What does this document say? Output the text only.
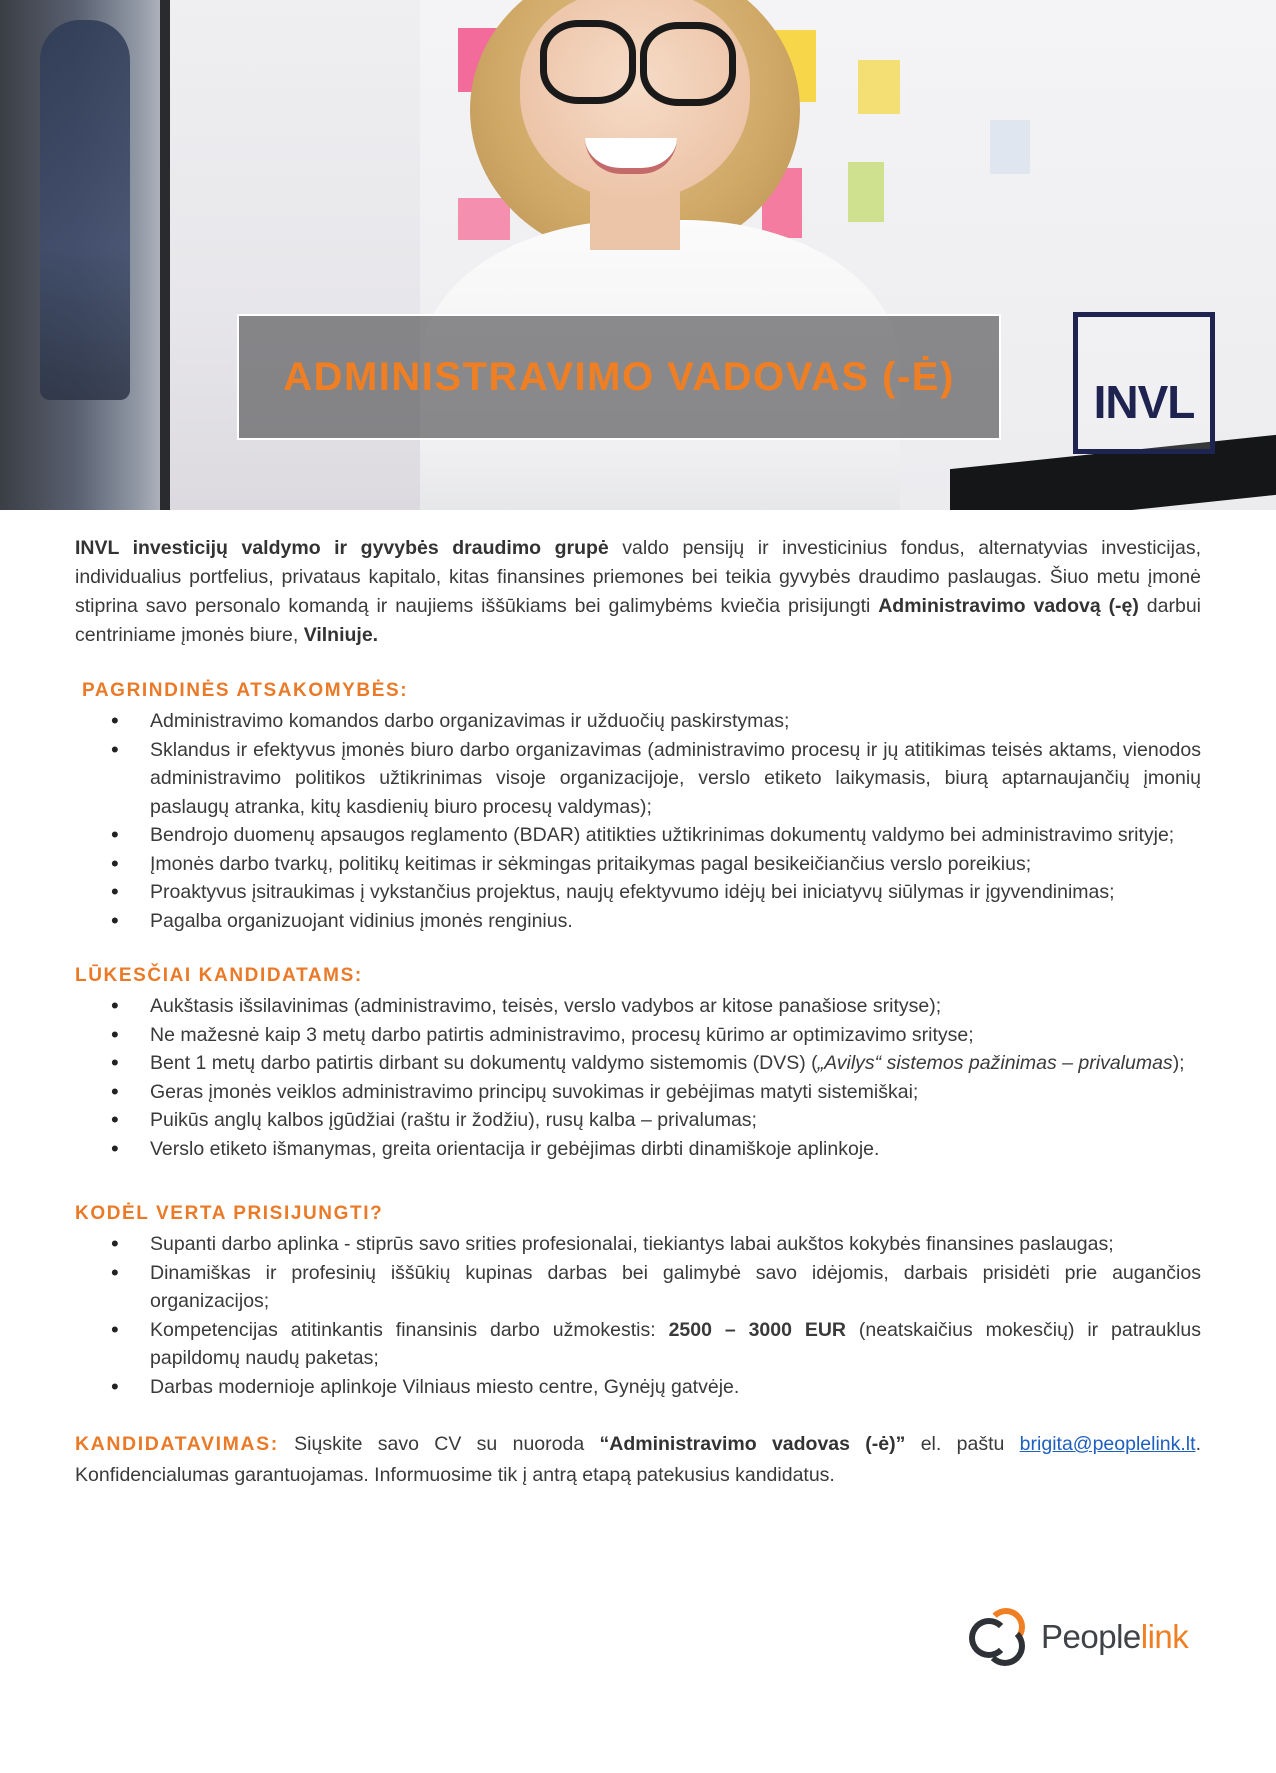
ADMINISTRAVIMO VADOVAS (-Ė)	INVL

INVL investicijų valdymo ir gyvybės draudimo grupė valdo pensijų ir investicinius fondus, alternatyvias investicijas, individualius portfelius, privataus kapitalo, kitas finansines priemones bei teikia gyvybės draudimo paslaugas. Šiuo metu įmonė stiprina savo personalo komandą ir naujiems iššūkiams bei galimybėms kviečia prisijungti Administravimo vadovą (-ę) darbui centriniame įmonės biure, Vilniuje.

PAGRINDINĖS ATSAKOMYBĖS:
• Administravimo komandos darbo organizavimas ir užduočių paskirstymas;
• Sklandus ir efektyvus įmonės biuro darbo organizavimas (administravimo procesų ir jų atitikimas teisės aktams, vienodos administravimo politikos užtikrinimas visoje organizacijoje, verslo etiketo laikymasis, biurą aptarnaujančių įmonių paslaugų atranka, kitų kasdienių biuro procesų valdymas);
• Bendrojo duomenų apsaugos reglamento (BDAR) atitikties užtikrinimas dokumentų valdymo bei administravimo srityje;
• Įmonės darbo tvarkų, politikų keitimas ir sėkmingas pritaikymas pagal besikeičiančius verslo poreikius;
• Proaktyvus įsitraukimas į vykstančius projektus, naujų efektyvumo idėjų bei iniciatyvų siūlymas ir įgyvendinimas;
• Pagalba organizuojant vidinius įmonės renginius.
LŪKESČIAI KANDIDATAMS:
• Aukštasis išsilavinimas (administravimo, teisės, verslo vadybos ar kitose panašiose srityse);
• Ne mažesnė kaip 3 metų darbo patirtis administravimo, procesų kūrimo ar optimizavimo srityse;
• Bent 1 metų darbo patirtis dirbant su dokumentų valdymo sistemomis (DVS) („Avilys“ sistemos pažinimas – privalumas);
• Geras įmonės veiklos administravimo principų suvokimas ir gebėjimas matyti sistemiškai;
• Puikūs anglų kalbos įgūdžiai (raštu ir žodžiu), rusų kalba – privalumas;
• Verslo etiketo išmanymas, greita orientacija ir gebėjimas dirbti dinamiškoje aplinkoje.
KODĖL VERTA PRISIJUNGTI?
• Supanti darbo aplinka - stiprūs savo srities profesionalai, tiekiantys labai aukštos kokybės finansines paslaugas;
• Dinamiškas ir profesinių iššūkių kupinas darbas bei galimybė savo idėjomis, darbais prisidėti prie augančios organizacijos;
• Kompetencijas atitinkantis finansinis darbo užmokestis: 2500 – 3000 EUR (neatskaičius mokesčių) ir patrauklus papildomų naudų paketas;
• Darbas modernioje aplinkoje Vilniaus miesto centre, Gynėjų gatvėje.

KANDIDATAVIMAS: Siųskite savo CV su nuoroda “Administravimo vadovas (-ė)” el. paštu brigita@peoplelink.lt. Konfidencialumas garantuojamas. Informuosime tik į antrą etapą patekusius kandidatus.

Peoplelink
